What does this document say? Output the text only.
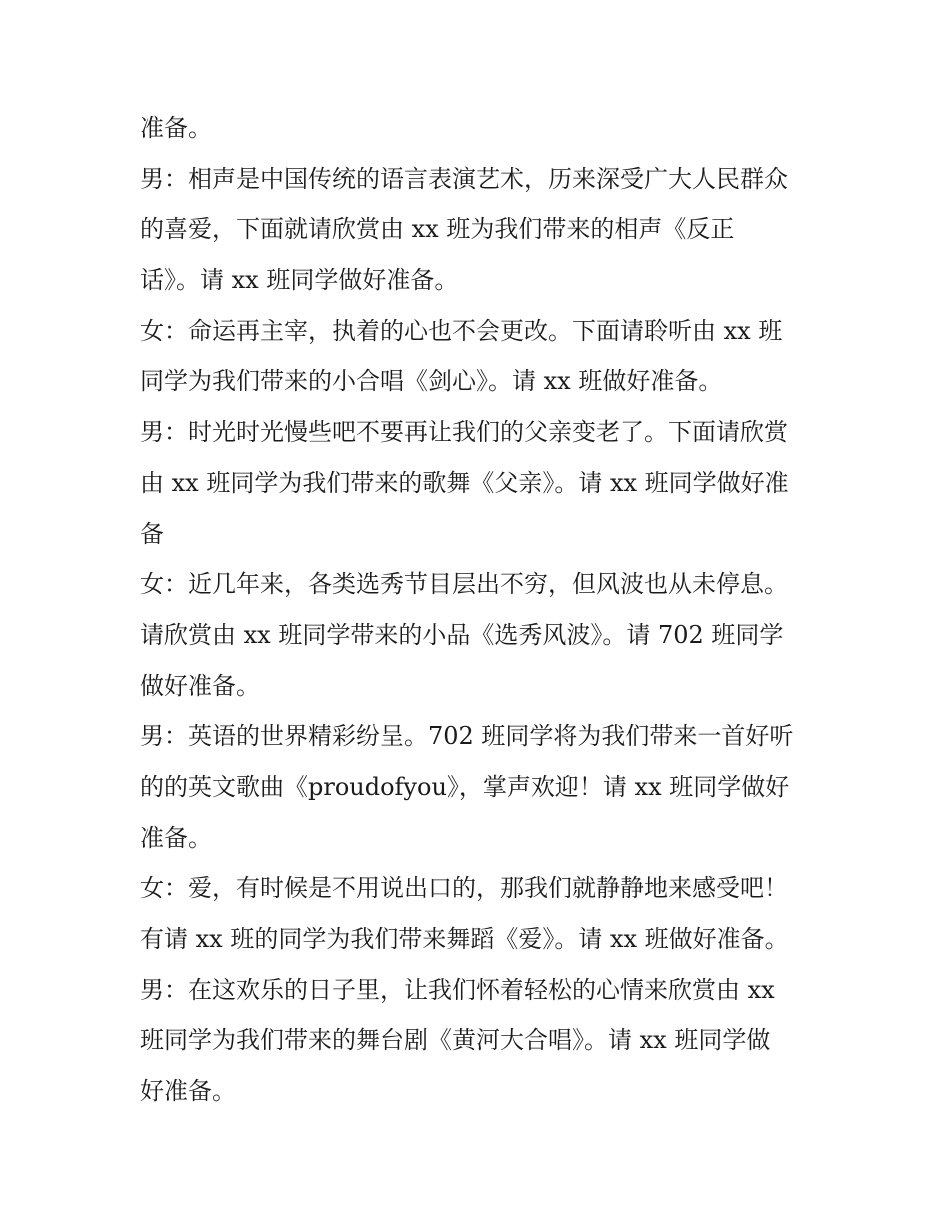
准备。
男：相声是中国传统的语言表演艺术，历来深受广大人民群众
的喜爱，下面就请欣赏由 xx 班为我们带来的相声《反正
话》。请 xx 班同学做好准备。
女：命运再主宰，执着的心也不会更改。下面请聆听由 xx 班
同学为我们带来的小合唱《剑心》。请 xx 班做好准备。
男：时光时光慢些吧不要再让我们的父亲变老了。下面请欣赏
由 xx 班同学为我们带来的歌舞《父亲》。请 xx 班同学做好准
备
女：近几年来，各类选秀节目层出不穷，但风波也从未停息。
请欣赏由 xx 班同学带来的小品《选秀风波》。请 702 班同学
做好准备。
男：英语的世界精彩纷呈。702 班同学将为我们带来一首好听
的的英文歌曲《proudofyou》，掌声欢迎！请 xx 班同学做好
准备。
女：爱，有时候是不用说出口的，那我们就静静地来感受吧！
有请 xx 班的同学为我们带来舞蹈《爱》。请 xx 班做好准备。
男：在这欢乐的日子里，让我们怀着轻松的心情来欣赏由 xx
班同学为我们带来的舞台剧《黄河大合唱》。请 xx 班同学做
好准备。
